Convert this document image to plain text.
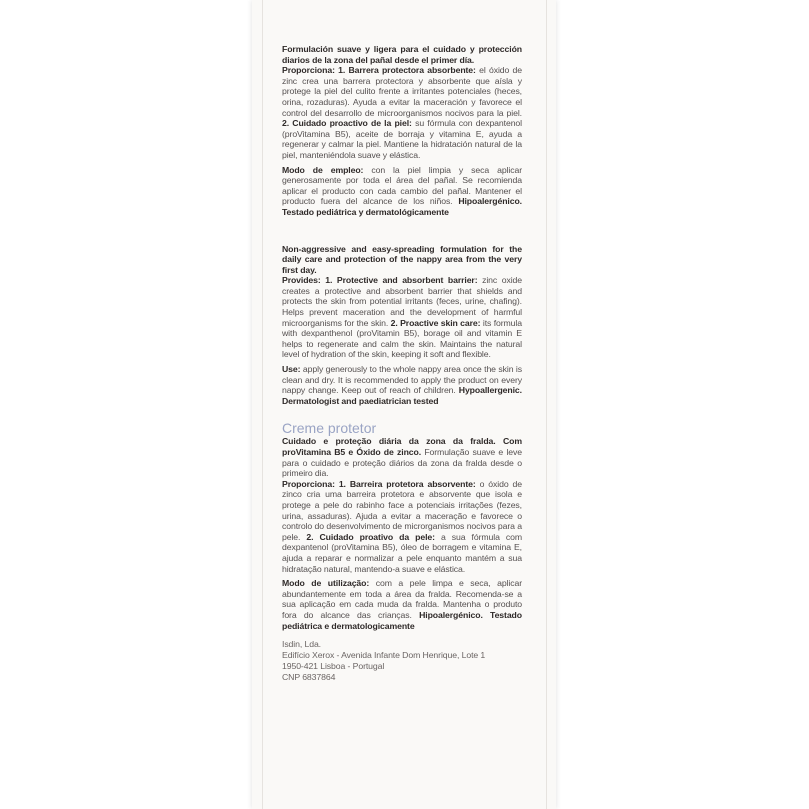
Formulación suave y ligera para el cuidado y protección diarios de la zona del pañal desde el primer día.

Proporciona: 1. Barrera protectora absorbente: el óxido de zinc crea una barrera protectora y absorbente que aísla y protege la piel del culito frente a irritantes potenciales (heces, orina, rozaduras). Ayuda a evitar la maceración y favorece el control del desarrollo de microorganismos nocivos para la piel. 2. Cuidado proactivo de la piel: su fórmula con dexpantenol (proVitamina B5), aceite de borraja y vitamina E, ayuda a regenerar y calmar la piel. Mantiene la hidratación natural de la piel, manteniéndola suave y elástica.

Modo de empleo: con la piel limpia y seca aplicar generosamente por toda el área del pañal. Se recomienda aplicar el producto con cada cambio del pañal. Mantener el producto fuera del alcance de los niños. Hipoalergénico. Testado pediátrica y dermatológicamente

Non-aggressive and easy-spreading formulation for the daily care and protection of the nappy area from the very first day.

Provides: 1. Protective and absorbent barrier: zinc oxide creates a protective and absorbent barrier that shields and protects the skin from potential irritants (feces, urine, chafing). Helps prevent maceration and the development of harmful microorganisms for the skin. 2. Proactive skin care: its formula with dexpanthenol (proVitamin B5), borage oil and vitamin E helps to regenerate and calm the skin. Maintains the natural level of hydration of the skin, keeping it soft and flexible.

Use: apply generously to the whole nappy area once the skin is clean and dry. It is recommended to apply the product on every nappy change. Keep out of reach of children. Hypoallergenic. Dermatologist and paediatrician tested

Creme protetor

Cuidado e proteção diária da zona da fralda. Com proVitamina B5 e Óxido de zinco. Formulação suave e leve para o cuidado e proteção diários da zona da fralda desde o primeiro dia.

Proporciona: 1. Barreira protetora absorvente: o óxido de zinco cria uma barreira protetora e absorvente que isola e protege a pele do rabinho face a potenciais irritações (fezes, urina, assaduras). Ajuda a evitar a maceração e favorece o controlo do desenvolvimento de microrganismos nocivos para a pele. 2. Cuidado proativo da pele: a sua fórmula com dexpantenol (proVitamina B5), óleo de borragem e vitamina E, ajuda a reparar e normalizar a pele enquanto mantém a sua hidratação natural, mantendo-a suave e elástica.

Modo de utilização: com a pele limpa e seca, aplicar abundantemente em toda a área da fralda. Recomenda-se a sua aplicação em cada muda da fralda. Mantenha o produto fora do alcance das crianças. Hipoalergénico. Testado pediátrica e dermatologicamente

Isdin, Lda.
Edifício Xerox - Avenida Infante Dom Henrique, Lote 1
1950-421 Lisboa - Portugal
CNP 6837864
